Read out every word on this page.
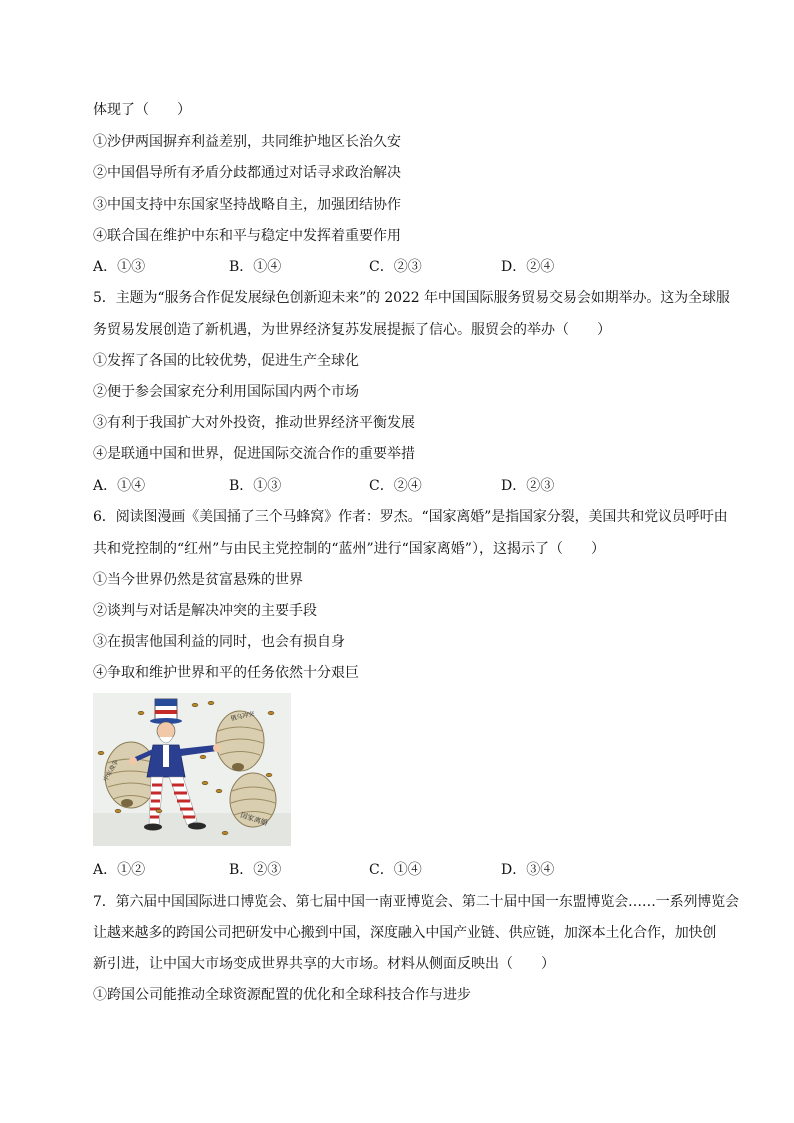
体现了（　　）
①沙伊两国摒弃利益差别，共同维护地区长治久安
②中国倡导所有矛盾分歧都通过对话寻求政治解决
③中国支持中东国家坚持战略自主，加强团结协作
④联合国在维护中东和平与稳定中发挥着重要作用
A．①③	B．①④	C．②③	D．②④
5．主题为“服务合作促发展绿色创新迎未来”的 2022 年中国国际服务贸易交易会如期举办。这为全球服
务贸易发展创造了新机遇，为世界经济复苏发展提振了信心。服贸会的举办（　　）
①发挥了各国的比较优势，促进生产全球化
②便于参会国家充分利用国际国内两个市场
③有利于我国扩大对外投资，推动世界经济平衡发展
④是联通中国和世界，促进国际交流合作的重要举措
A．①④	B．①③	C．②④	D．②③
6．阅读图漫画《美国捅了三个马蜂窝》作者：罗杰。“国家离婚”是指国家分裂，美国共和党议员呼吁由
共和党控制的“红州”与由民主党控制的“蓝州”进行“国家离婚”），这揭示了（　　）
①当今世界仍然是贫富悬殊的世界
②谈判与对话是解决冲突的主要手段
③在损害他国利益的同时，也会有损自身
④争取和维护世界和平的任务依然十分艰巨
俄乌冲突
中东战争
国家离婚
A．①②	B．②③	C．①④	D．③④
7．第六届中国国际进口博览会、第七届中国一南亚博览会、第二十届中国一东盟博览会……一系列博览会
让越来越多的跨国公司把研发中心搬到中国，深度融入中国产业链、供应链，加深本土化合作，加快创
新引进，让中国大市场变成世界共享的大市场。材料从侧面反映出（　　）
①跨国公司能推动全球资源配置的优化和全球科技合作与进步
